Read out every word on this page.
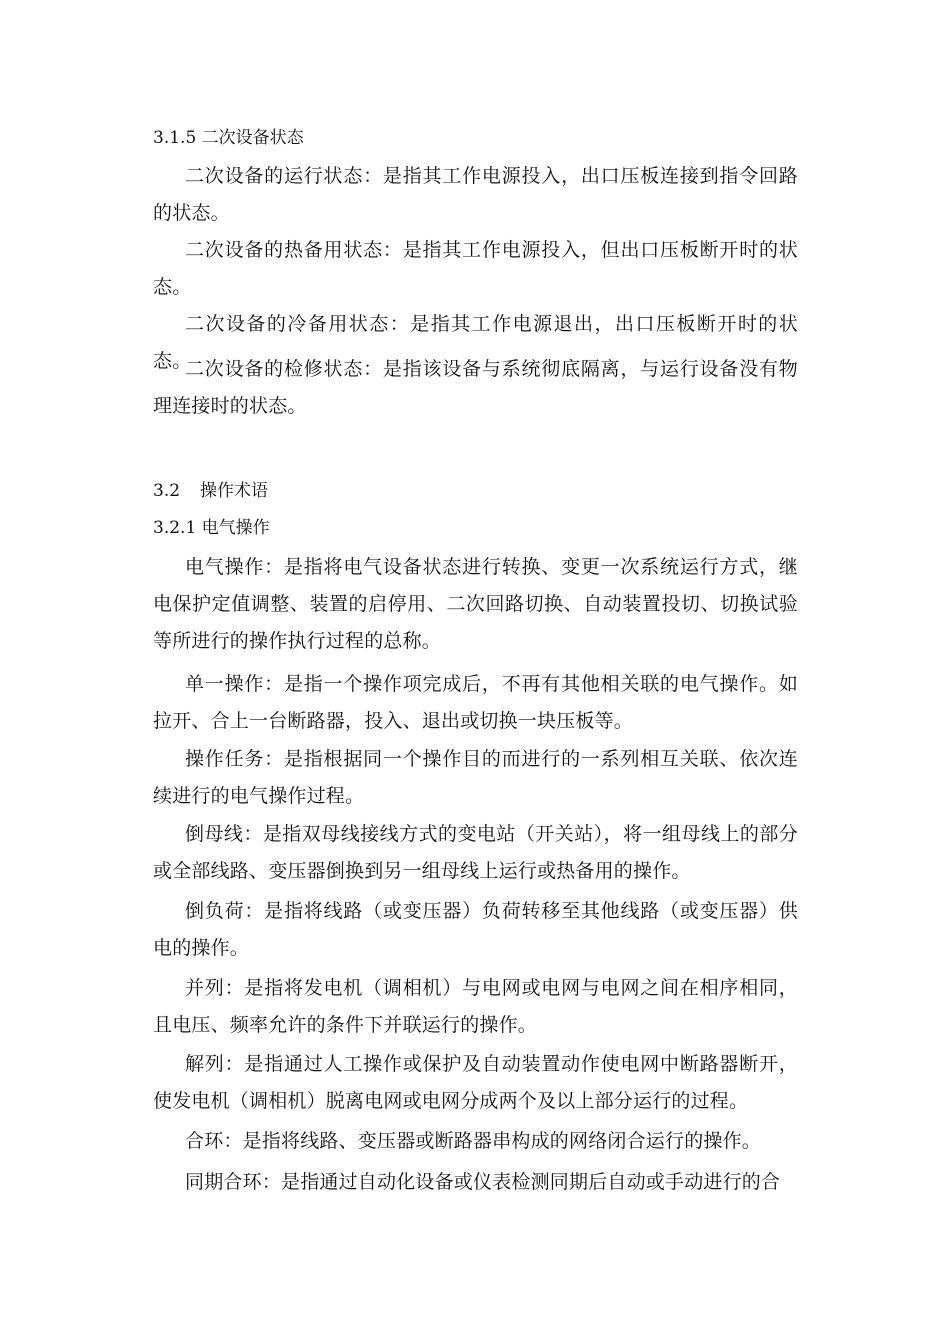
3.1.5 二次设备状态

二次设备的运行状态：是指其工作电源投入，出口压板连接到指令回路的状态。

二次设备的热备用状态：是指其工作电源投入，但出口压板断开时的状态。

二次设备的冷备用状态：是指其工作电源退出，出口压板断开时的状态。

二次设备的检修状态：是指该设备与系统彻底隔离，与运行设备没有物理连接时的状态。

3.2 操作术语
3.2.1 电气操作

电气操作：是指将电气设备状态进行转换、变更一次系统运行方式，继电保护定值调整、装置的启停用、二次回路切换、自动装置投切、切换试验等所进行的操作执行过程的总称。

单一操作：是指一个操作项完成后，不再有其他相关联的电气操作。如拉开、合上一台断路器，投入、退出或切换一块压板等。

操作任务：是指根据同一个操作目的而进行的一系列相互关联、依次连续进行的电气操作过程。

倒母线：是指双母线接线方式的变电站（开关站），将一组母线上的部分或全部线路、变压器倒换到另一组母线上运行或热备用的操作。

倒负荷：是指将线路（或变压器）负荷转移至其他线路（或变压器）供电的操作。

并列：是指将发电机（调相机）与电网或电网与电网之间在相序相同，且电压、频率允许的条件下并联运行的操作。

解列：是指通过人工操作或保护及自动装置动作使电网中断路器断开，使发电机（调相机）脱离电网或电网分成两个及以上部分运行的过程。

合环：是指将线路、变压器或断路器串构成的网络闭合运行的操作。

同期合环：是指通过自动化设备或仪表检测同期后自动或手动进行的合
